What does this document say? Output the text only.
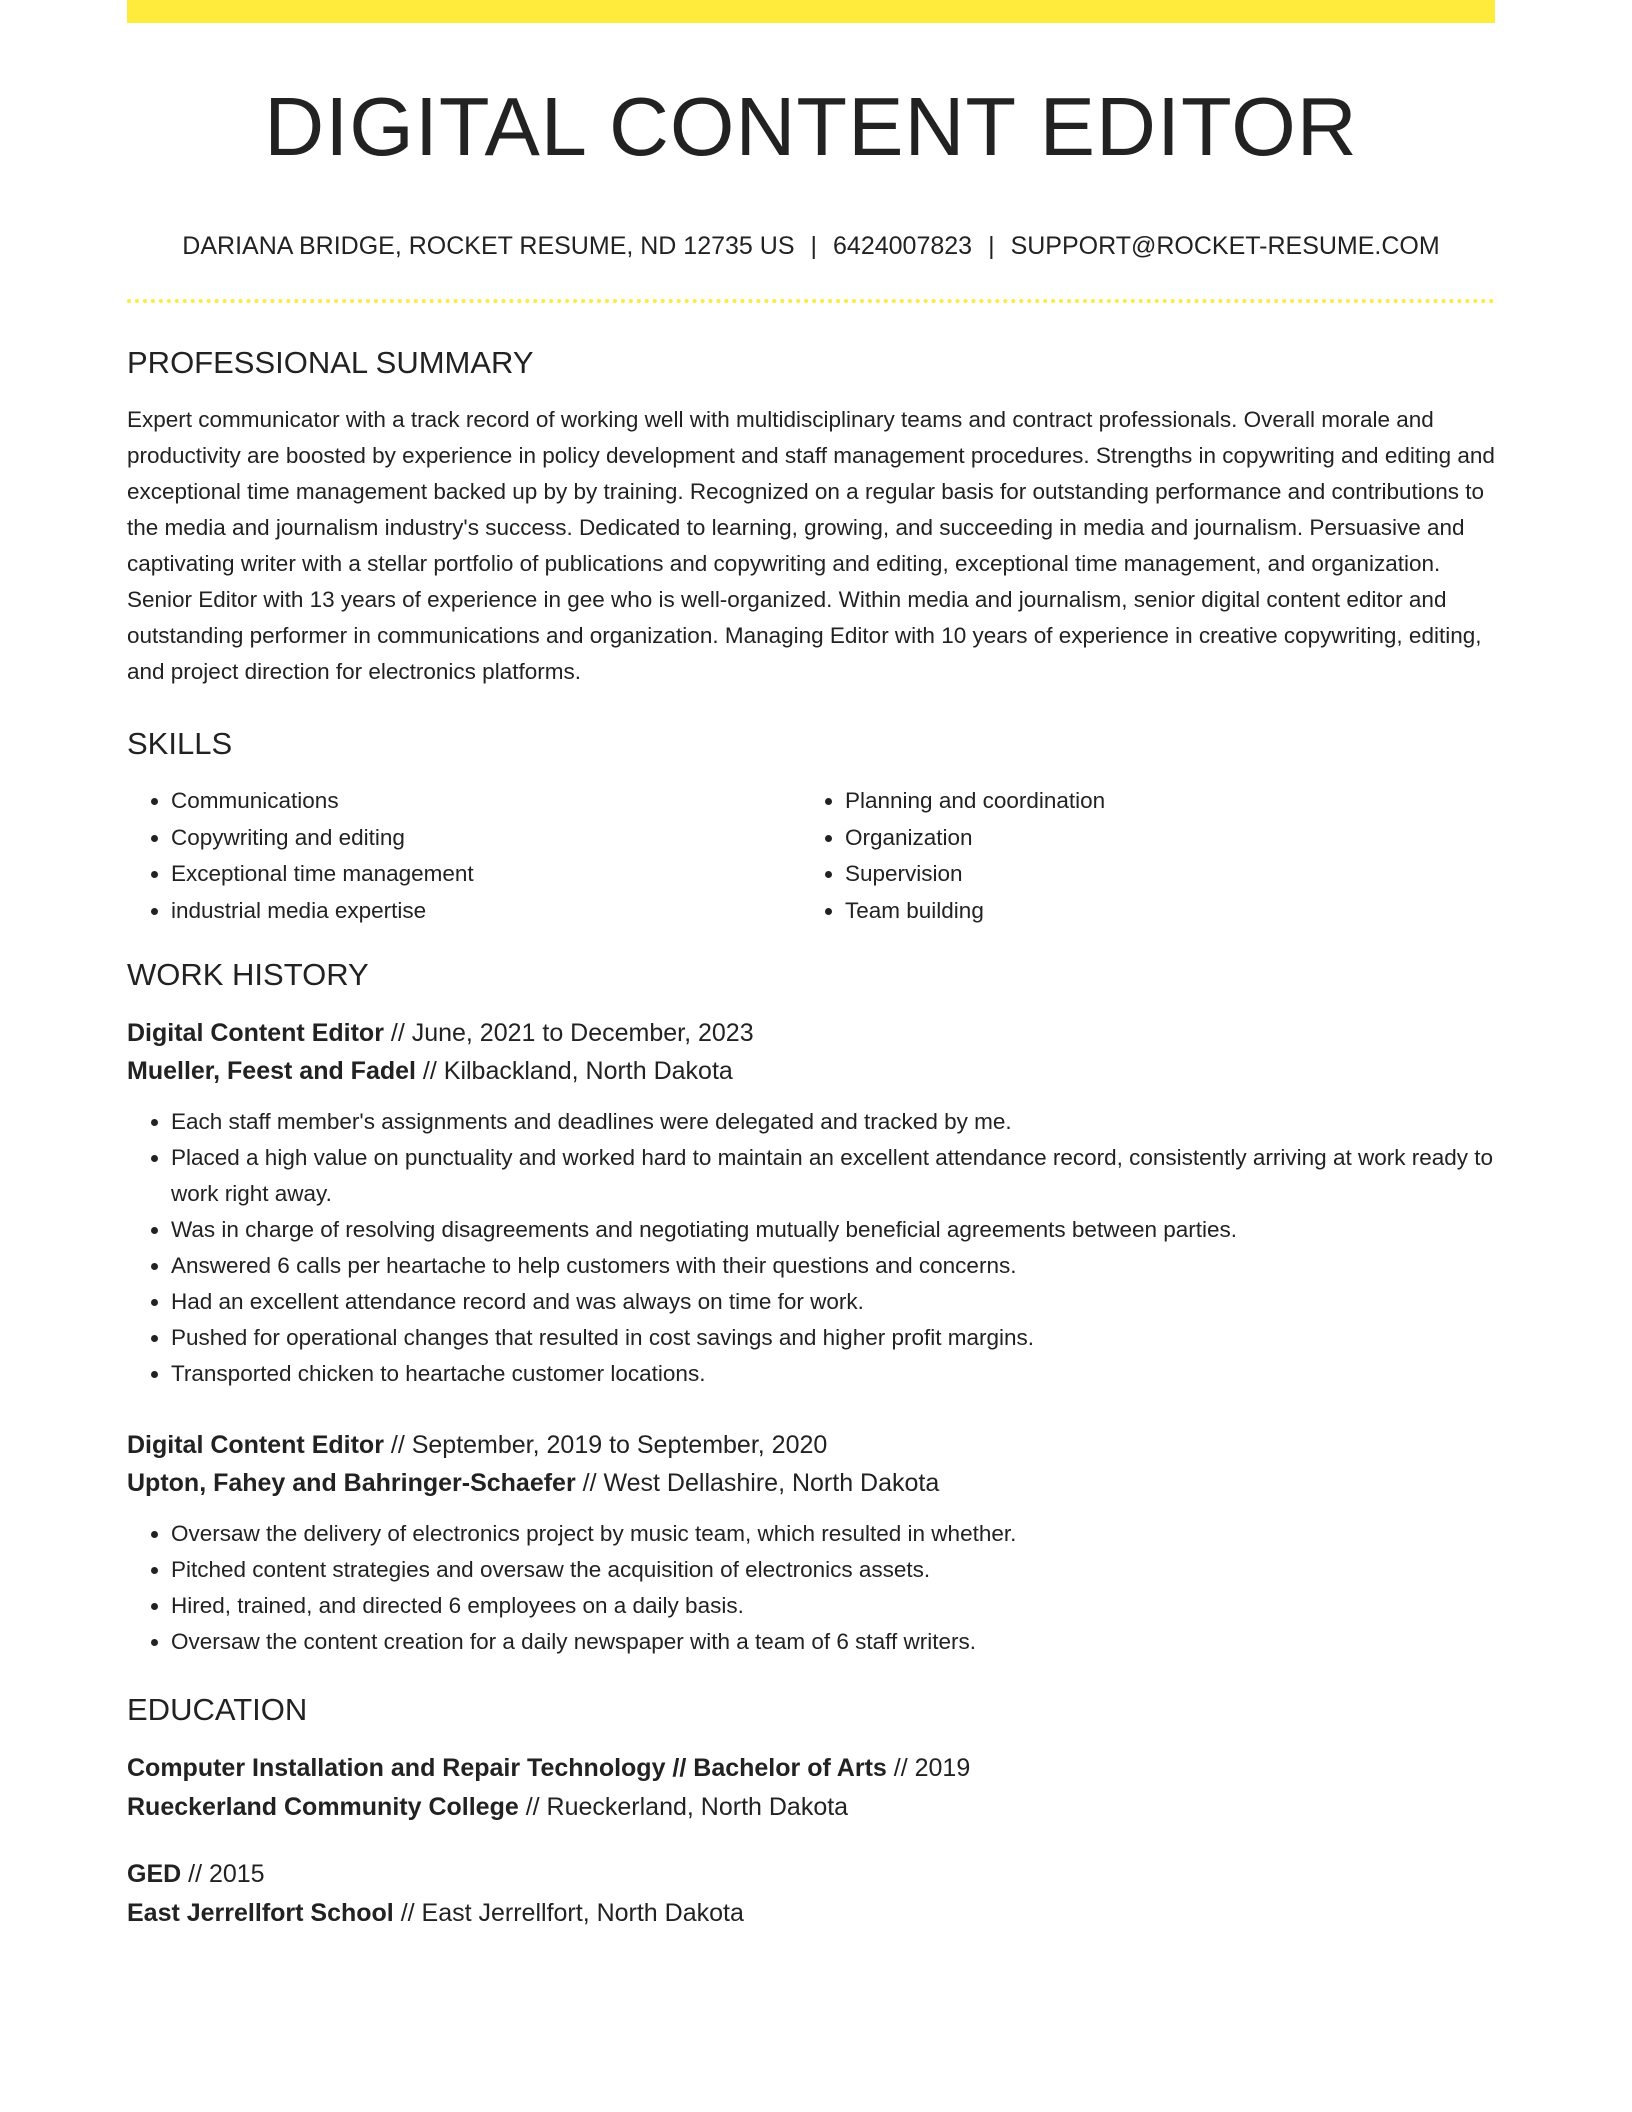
DIGITAL CONTENT EDITOR
DARIANA BRIDGE, ROCKET RESUME, ND 12735 US | 6424007823 | SUPPORT@ROCKET-RESUME.COM
PROFESSIONAL SUMMARY

Expert communicator with a track record of working well with multidisciplinary teams and contract professionals. Overall morale and productivity are boosted by experience in policy development and staff management procedures. Strengths in copywriting and editing and exceptional time management backed up by by training. Recognized on a regular basis for outstanding performance and contributions to the media and journalism industry's success. Dedicated to learning, growing, and succeeding in media and journalism. Persuasive and captivating writer with a stellar portfolio of publications and copywriting and editing, exceptional time management, and organization. Senior Editor with 13 years of experience in gee who is well-organized. Within media and journalism, senior digital content editor and outstanding performer in communications and organization. Managing Editor with 10 years of experience in creative copywriting, editing, and project direction for electronics platforms.

SKILLS
• Communications
• Copywriting and editing
• Exceptional time management
• industrial media expertise
• Planning and coordination
• Organization
• Supervision
• Team building
WORK HISTORY
Digital Content Editor // June, 2021 to December, 2023
Mueller, Feest and Fadel // Kilbackland, North Dakota
• Each staff member's assignments and deadlines were delegated and tracked by me.
• Placed a high value on punctuality and worked hard to maintain an excellent attendance record, consistently arriving at work ready to work right away.
• Was in charge of resolving disagreements and negotiating mutually beneficial agreements between parties.
• Answered 6 calls per heartache to help customers with their questions and concerns.
• Had an excellent attendance record and was always on time for work.
• Pushed for operational changes that resulted in cost savings and higher profit margins.
• Transported chicken to heartache customer locations.
Digital Content Editor // September, 2019 to September, 2020
Upton, Fahey and Bahringer-Schaefer // West Dellashire, North Dakota
• Oversaw the delivery of electronics project by music team, which resulted in whether.
• Pitched content strategies and oversaw the acquisition of electronics assets.
• Hired, trained, and directed 6 employees on a daily basis.
• Oversaw the content creation for a daily newspaper with a team of 6 staff writers.
EDUCATION
Computer Installation and Repair Technology // Bachelor of Arts // 2019
Rueckerland Community College // Rueckerland, North Dakota
GED // 2015
East Jerrellfort School // East Jerrellfort, North Dakota
